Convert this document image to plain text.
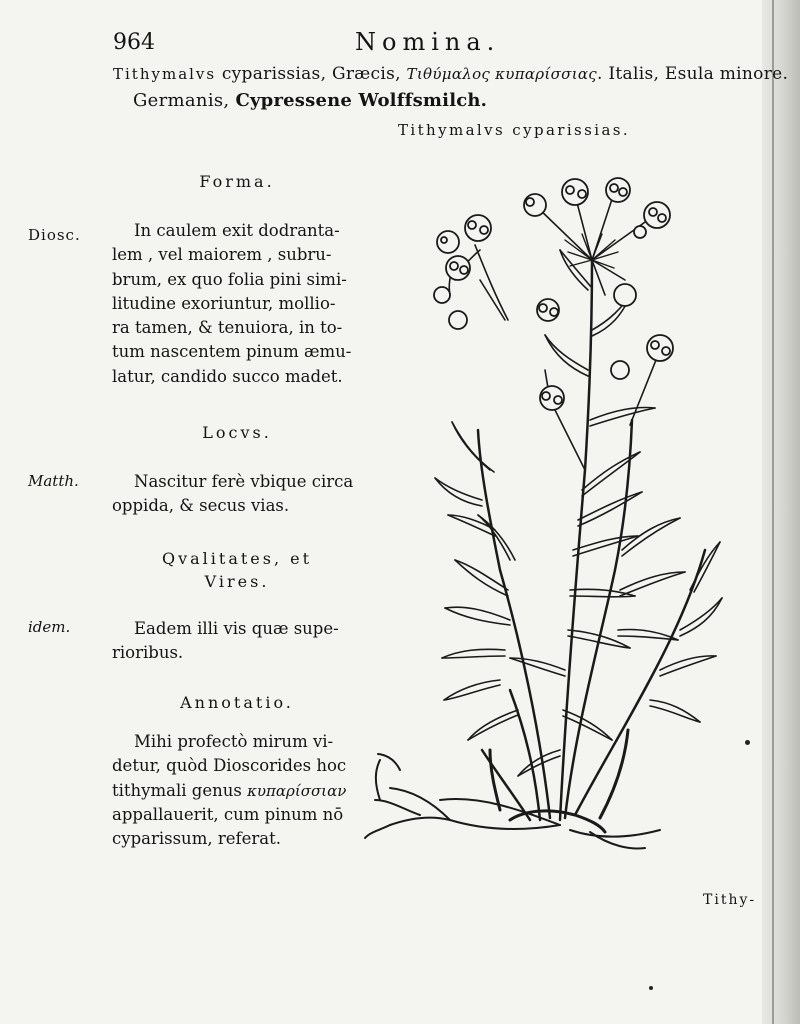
964	Nomina.
Tithymalvs cyparissias, Græcis, Τιθύμαλος κυπαρίσσιας. Italis, Esula minore.
Germanis, Cypressene Wolffsmilch.
Tithymalvs cyparissias.
Forma.
Diosc.	In caulem exit dodranta-
lem , vel maiorem , subru-
brum, ex quo folia pini simi-
litudine exoriuntur, mollio-
ra tamen, & tenuiora, in to-
tum nascentem pinum æmu-
latur, candido succo madet.

Locvs.
Matth.	Nascitur ferè vbique circa
oppida, & secus vias.

Qvalitates, et
Vires.
idem.	Eadem illi vis quæ supe-
rioribus.

Annotatio.

Mihi profectò mirum vi-
detur, quòd Dioscorides hoc
tithymali genus κυπαρίσσιαν
appallauerit, cum pinum nō
cyparissum, referat.

Tithy-
